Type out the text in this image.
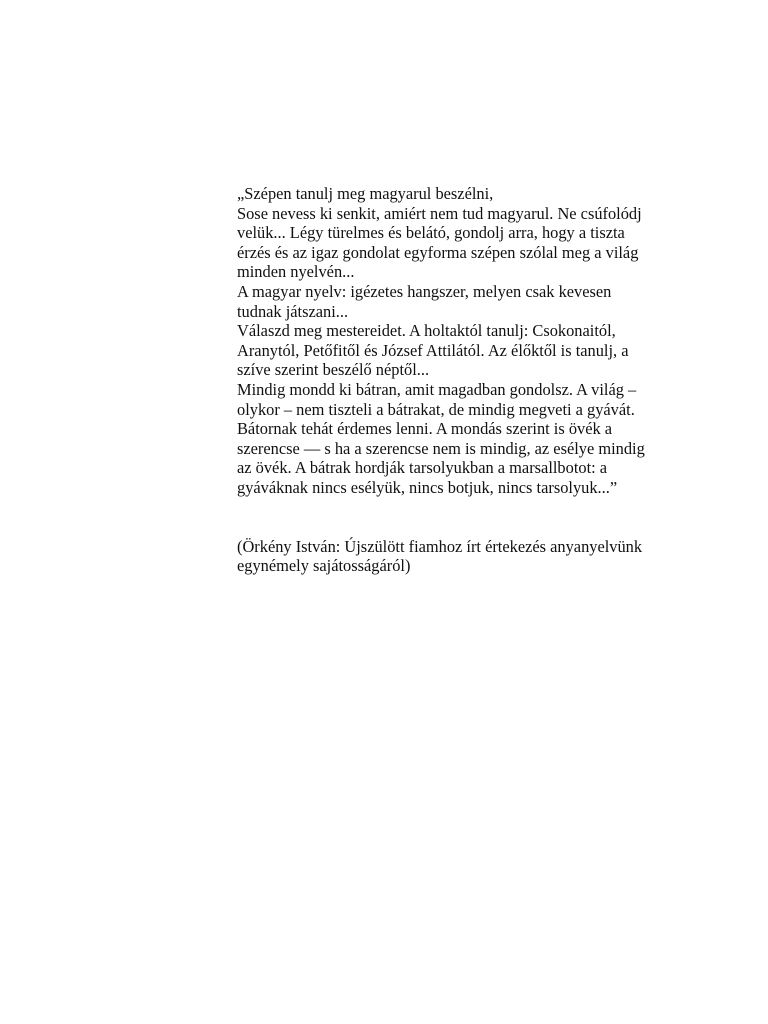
„Szépen tanulj meg magyarul beszélni,
Sose nevess ki senkit, amiért nem tud magyarul. Ne csúfolódj
velük... Légy türelmes és belátó, gondolj arra, hogy a tiszta
érzés és az igaz gondolat egyforma szépen szólal meg a világ
minden nyelvén...
A magyar nyelv: igézetes hangszer, melyen csak kevesen
tudnak játszani...
Válaszd meg mestereidet. A holtaktól tanulj: Csokonaitól,
Aranytól, Petőfitől és József Attilától. Az élőktől is tanulj, a
szíve szerint beszélő néptől...
Mindig mondd ki bátran, amit magadban gondolsz. A világ –
olykor – nem tiszteli a bátrakat, de mindig megveti a gyávát.
Bátornak tehát érdemes lenni. A mondás szerint is övék a
szerencse — s ha a szerencse nem is mindig, az esélye mindig
az övék. A bátrak hordják tarsolyukban a marsallbotot: a
gyáváknak nincs esélyük, nincs botjuk, nincs tarsolyuk...”
(Örkény István: Újszülött fiamhoz írt értekezés anyanyelvünk
egynémely sajátosságáról)
